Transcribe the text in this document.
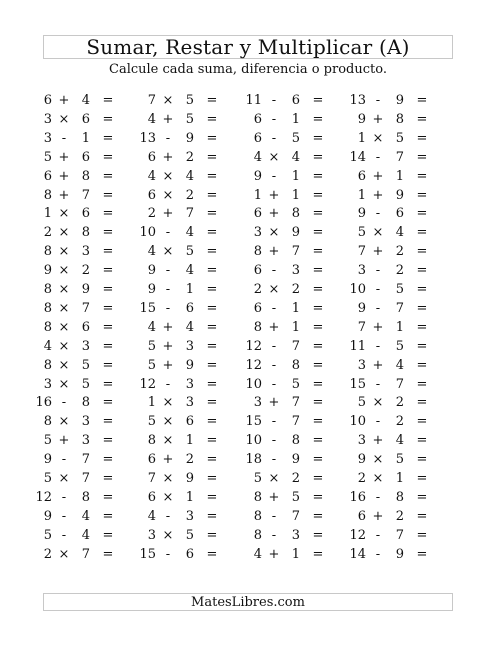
Sumar, Restar y Multiplicar (A)
Calcule cada suma, diferencia o producto.
6 + 4 =	7 × 5 =	11 - 6 =	13 - 9 =
3 × 6 =	4 + 5 =	6 - 1 =	9 + 8 =
3 - 1 =	13 - 9 =	6 - 5 =	1 × 5 =
5 + 6 =	6 + 2 =	4 × 4 =	14 - 7 =
6 + 8 =	4 × 4 =	9 - 1 =	6 + 1 =
8 + 7 =	6 × 2 =	1 + 1 =	1 + 9 =
1 × 6 =	2 + 7 =	6 + 8 =	9 - 6 =
2 × 8 =	10 - 4 =	3 × 9 =	5 × 4 =
8 × 3 =	4 × 5 =	8 + 7 =	7 + 2 =
9 × 2 =	9 - 4 =	6 - 3 =	3 - 2 =
8 × 9 =	9 - 1 =	2 × 2 =	10 - 5 =
8 × 7 =	15 - 6 =	6 - 1 =	9 - 7 =
8 × 6 =	4 + 4 =	8 + 1 =	7 + 1 =
4 × 3 =	5 + 3 =	12 - 7 =	11 - 5 =
8 × 5 =	5 + 9 =	12 - 8 =	3 + 4 =
3 × 5 =	12 - 3 =	10 - 5 =	15 - 7 =
16 - 8 =	1 × 3 =	3 + 7 =	5 × 2 =
8 × 3 =	5 × 6 =	15 - 7 =	10 - 2 =
5 + 3 =	8 × 1 =	10 - 8 =	3 + 4 =
9 - 7 =	6 + 2 =	18 - 9 =	9 × 5 =
5 × 7 =	7 × 9 =	5 × 2 =	2 × 1 =
12 - 8 =	6 × 1 =	8 + 5 =	16 - 8 =
9 - 4 =	4 - 3 =	8 - 7 =	6 + 2 =
5 - 4 =	3 × 5 =	8 - 3 =	12 - 7 =
2 × 7 =	15 - 6 =	4 + 1 =	14 - 9 =
MatesLibres.com
